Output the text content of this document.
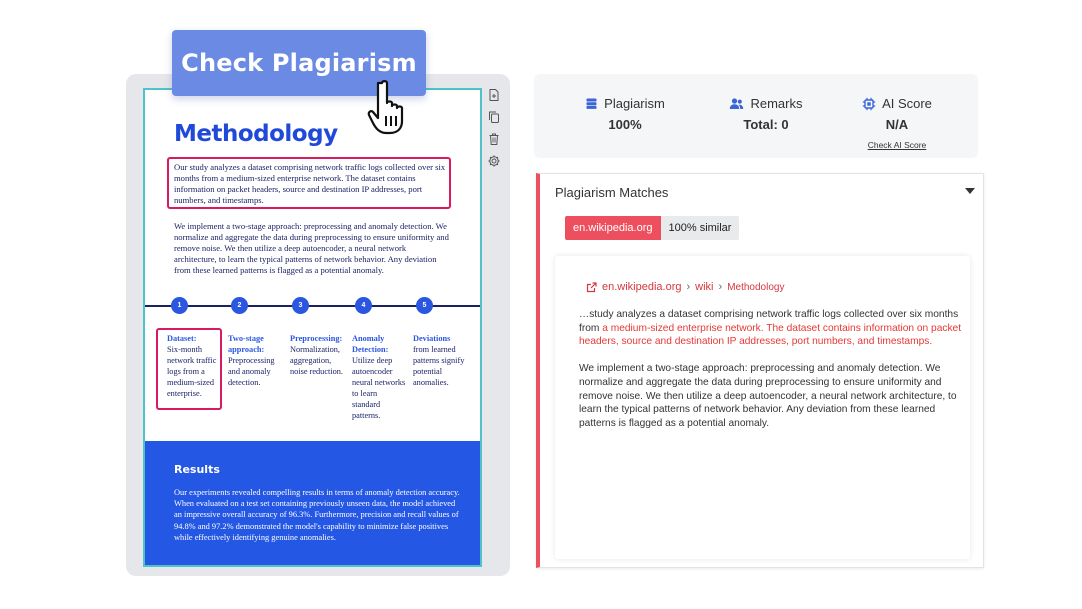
Methodology
Our study analyzes a dataset comprising network traffic logs collected over six months from a medium-sized enterprise network. The dataset contains information on packet headers, source and destination IP addresses, port numbers, and timestamps.
We implement a two-stage approach: preprocessing and anomaly detection. We normalize and aggregate the data during preprocessing to ensure uniformity and remove noise. We then utilize a deep autoencoder, a neural network architecture, to learn the typical patterns of network behavior. Any deviation from these learned patterns is flagged as a potential anomaly.
1	2	3	4	5
Dataset:
Six-month network traffic logs from a medium-sized enterprise.
Two-stage approach:
Preprocessing and anomaly detection.
Preprocessing:
Normalization, aggregation, noise reduction.
Anomaly Detection:
Utilize deep autoencoder neural networks to learn standard patterns.
Deviations
from learned patterns signify potential anomalies.
Results
Our experiments revealed compelling results in terms of anomaly detection accuracy. When evaluated on a test set containing previously unseen data, the model achieved an impressive overall accuracy of 96.3%. Furthermore, precision and recall values of 94.8% and 97.2% demonstrated the model's capability to minimize false positives while effectively identifying genuine anomalies.
Check Plagiarism
Plagiarism
100%
Remarks
Total: 0
AI Score
N/A
Check AI Score
Plagiarism Matches
en.wikipedia.org	100% similar
en.wikipedia.org › wiki › Methodology

…study analyzes a dataset comprising network traffic logs collected over six months from a medium-sized enterprise network. The dataset contains information on packet headers, source and destination IP addresses, port numbers, and timestamps.

We implement a two-stage approach: preprocessing and anomaly detection. We normalize and aggregate the data during preprocessing to ensure uniformity and remove noise. We then utilize a deep autoencoder, a neural network architecture, to learn the typical patterns of network behavior. Any deviation from these learned patterns is flagged as a potential anomaly.
